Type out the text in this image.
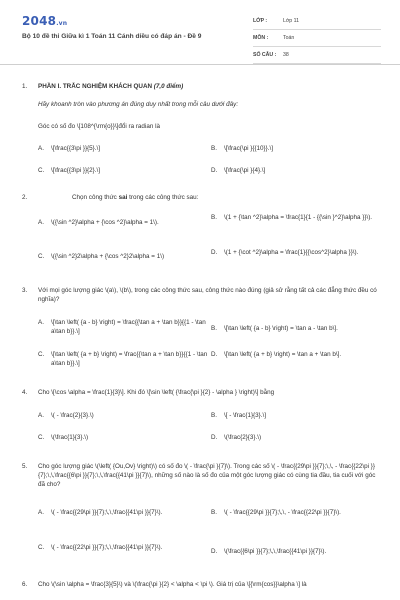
2048.vn
Bộ 10 đề thi Giữa kì 1 Toán 11 Cánh diều có đáp án - Đề 9
LỚP :	Lớp 11
MÔN :	Toán
SỐ CÂU :	38
1.	PHẦN I. TRẮC NGHIỆM KHÁCH QUAN (7,0 điểm)
Hãy khoanh tròn vào phương án đúng duy nhất trong mỗi câu dưới đây:
Góc có số đo \[108^{\rm{o}}\]đổi ra radian là
A.	\[\frac{{3\pi }}{5}.\]	B.	\[\frac{\pi }{{10}}.\]
C.	\[\frac{{3\pi }}{2}.\]	D.	\[\frac{\pi }{4}.\]
2.	Chọn công thức sai trong các công thức sau:
A.	\({\sin ^2}\alpha + {\cos ^2}\alpha = 1\).
B.	\(1 + {\tan ^2}\alpha = \frac{1}{1 - {{\sin }^2}\alpha }}\).
C.	\({\sin ^2}2\alpha + {\cos ^2}2\alpha = 1\)
D.	\(1 + {\cot ^2}\alpha = \frac{1}{{\cos^2}\alpha }}\).
3.	Với mọi góc lượng giác \(a\), \(b\), trong các công thức sau, công thức nào đúng (giả sử rằng tất cả các đẳng thức đều có nghĩa)?
A.	\[\tan \left( {a - b} \right) = \frac{{\tan a + \tan b}}{{1 - \tan a\tan b}}.\]	B.	\[\tan \left( {a - b} \right) = \tan a - \tan b\].
C.	\[\tan \left( {a + b} \right) = \frac{{\tan a + \tan b}}{{1 - \tan a\tan b}}.\]
D.	\[\tan \left( {a + b} \right) = \tan a + \tan b\].
4.	Cho \[\cos \alpha = \frac{1}{3}\]. Khi đó \[\sin \left( {\frac{\pi }{2} - \alpha } \right)\] bằng
A.	\( - \frac{2}{3}.\)	B.	\[ - \frac{1}{3}.\]
C.	\(\frac{1}{3}.\)	D.	\(\frac{2}{3}.\)
5.	Cho góc lượng giác \(\left( {Ou,Ov} \right)\) có số đo \( - \frac{\pi }{7}\). Trong các số \( - \frac{{29\pi }}{7};\,\, - \frac{{22\pi }}{7};\,\,\frac{{6\pi }}{7};\,\,\frac{{41\pi }}{7}\), những số nào là số đo của một góc lượng giác có cùng tia đầu, tia cuối với góc đã cho?
A.	\( - \frac{{29\pi }}{7};\,\,\frac{{41\pi }}{7}\).	B.	\( - \frac{{29\pi }}{7};\,\, - \frac{{22\pi }}{7}\).
C.	\( - \frac{{22\pi }}{7};\,\,\frac{{41\pi }}{7}\).
D.	\(\frac{{6\pi }}{7};\,\,\frac{{41\pi }}{7}\).
6.	Cho \(\sin \alpha = \frac{3}{5}\) và \(\frac{\pi }{2} < \alpha < \pi \). Giá trị của \[{\rm{cos}}\alpha \] là
